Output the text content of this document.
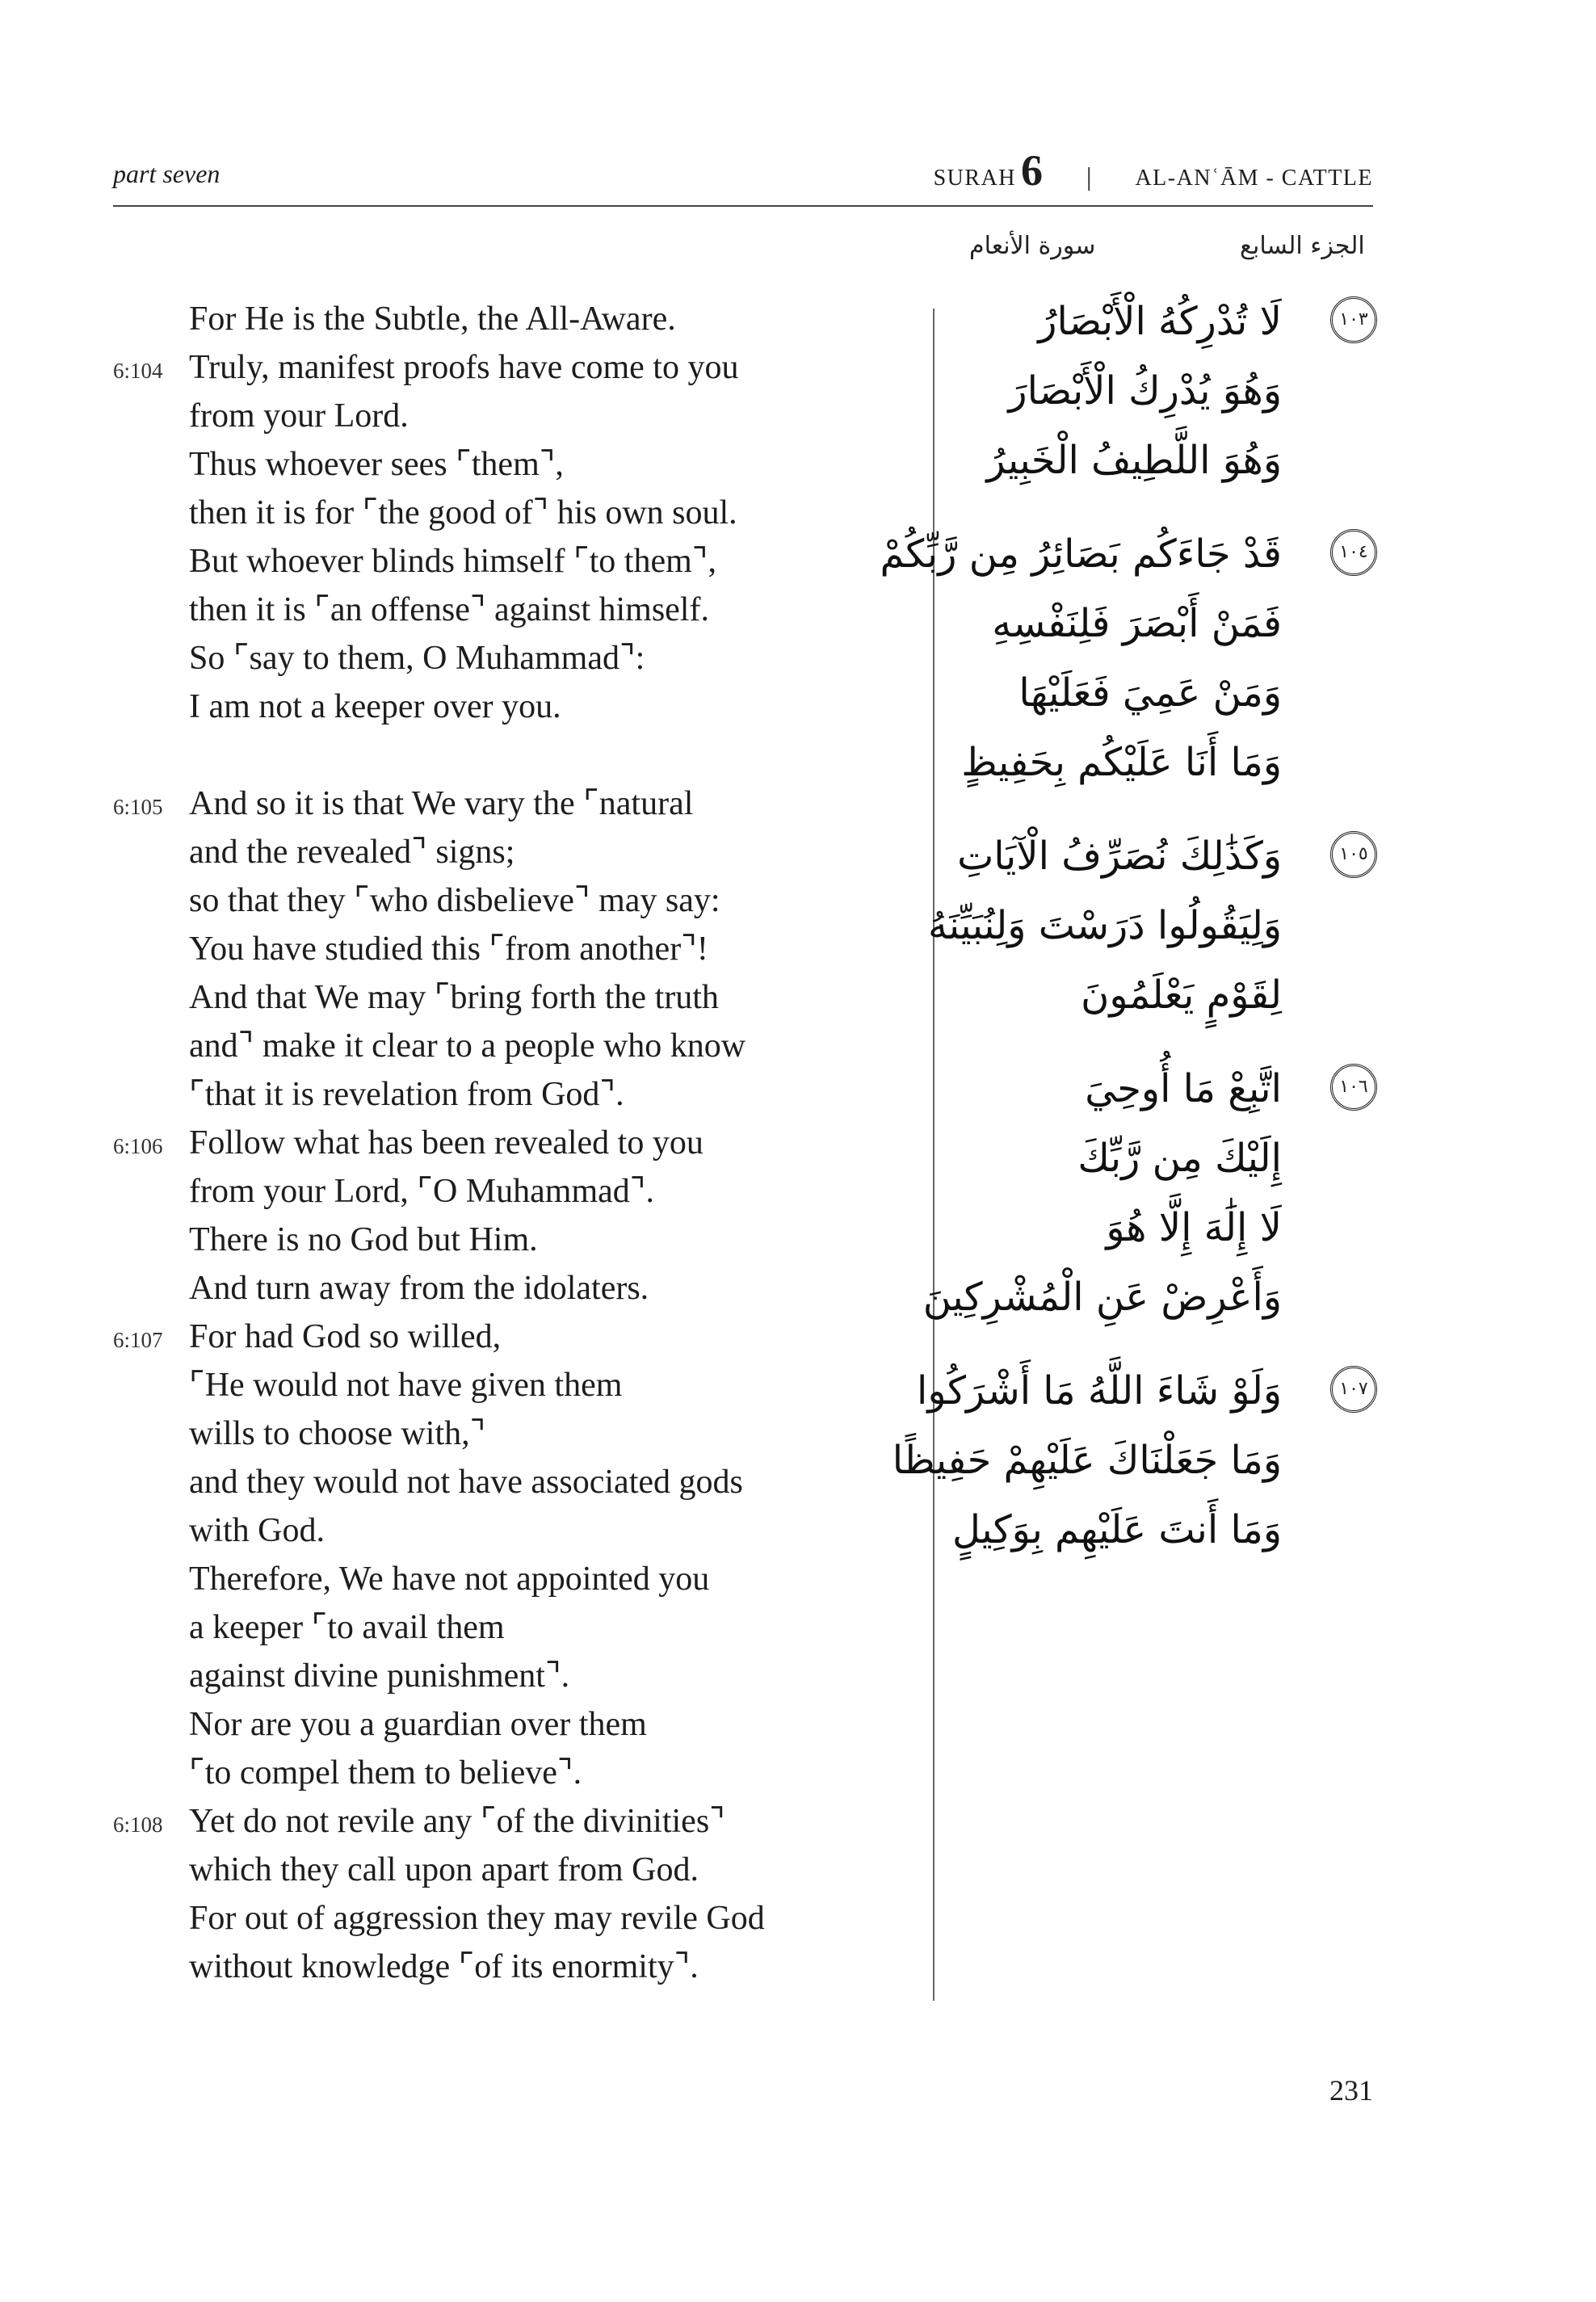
part seven	SURAH 6 | AL-ANʿĀM - CATTLE
سورة الأنعام	الجزء السابع
For He is the Subtle, the All-Aware.
6:104 Truly, manifest proofs have come to you
from your Lord.
Thus whoever sees ⌜them⌝,
then it is for ⌜the good of⌝ his own soul.
But whoever blinds himself ⌜to them⌝,
then it is ⌜an offense⌝ against himself.
So ⌜say to them, O Muhammad⌝:
I am not a keeper over you.
6:105 And so it is that We vary the ⌜natural
and the revealed⌝ signs;
so that they ⌜who disbelieve⌝ may say:
You have studied this ⌜from another⌝!
And that We may ⌜bring forth the truth
and⌝ make it clear to a people who know
⌜that it is revelation from God⌝.
6:106 Follow what has been revealed to you
from your Lord, ⌜O Muhammad⌝.
There is no God but Him.
And turn away from the idolaters.
6:107 For had God so willed,
⌜He would not have given them
wills to choose with,⌝
and they would not have associated gods
with God.
Therefore, We have not appointed you
a keeper ⌜to avail them
against divine punishment⌝.
Nor are you a guardian over them
⌜to compel them to believe⌝.
6:108 Yet do not revile any ⌜of the divinities⌝
which they call upon apart from God.
For out of aggression they may revile God
without knowledge ⌜of its enormity⌝.
١٠٣
لَا تُدْرِكُهُ الْأَبْصَارُ
وَهُوَ يُدْرِكُ الْأَبْصَارَ
وَهُوَ اللَّطِيفُ الْخَبِيرُ
١٠٤
قَدْ جَاءَكُم بَصَائِرُ مِن رَّبِّكُمْ
فَمَنْ أَبْصَرَ فَلِنَفْسِهِ
وَمَنْ عَمِيَ فَعَلَيْهَا
وَمَا أَنَا عَلَيْكُم بِحَفِيظٍ
١٠٥
وَكَذَٰلِكَ نُصَرِّفُ الْآيَاتِ
وَلِيَقُولُوا دَرَسْتَ وَلِنُبَيِّنَهُ
لِقَوْمٍ يَعْلَمُونَ
١٠٦
اتَّبِعْ مَا أُوحِيَ
إِلَيْكَ مِن رَّبِّكَ
لَا إِلَٰهَ إِلَّا هُوَ
وَأَعْرِضْ عَنِ الْمُشْرِكِينَ
١٠٧
وَلَوْ شَاءَ اللَّهُ مَا أَشْرَكُوا
وَمَا جَعَلْنَاكَ عَلَيْهِمْ حَفِيظًا
وَمَا أَنتَ عَلَيْهِم بِوَكِيلٍ
231
